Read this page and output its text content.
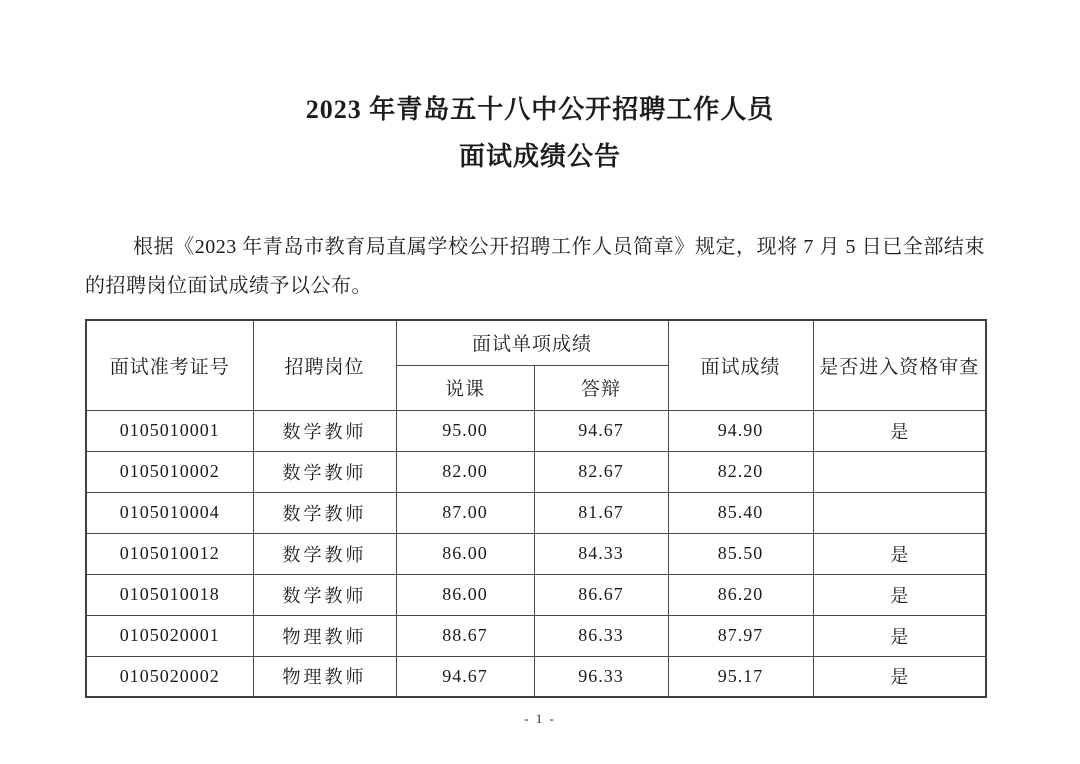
2023 年青岛五十八中公开招聘工作人员
面试成绩公告

根据《2023 年青岛市教育局直属学校公开招聘工作人员简章》规定，现将 7 月 5 日已全部结束的招聘岗位面试成绩予以公布。

面试准考证号	招聘岗位	面试单项成绩		面试成绩	是否进入资格审查
		说课	答辩		
0105010001	数学教师	95.00	94.67	94.90	是
0105010002	数学教师	82.00	82.67	82.20	
0105010004	数学教师	87.00	81.67	85.40	
0105010012	数学教师	86.00	84.33	85.50	是
0105010018	数学教师	86.00	86.67	86.20	是
0105020001	物理教师	88.67	86.33	87.97	是
0105020002	物理教师	94.67	96.33	95.17	是
- 1 -
